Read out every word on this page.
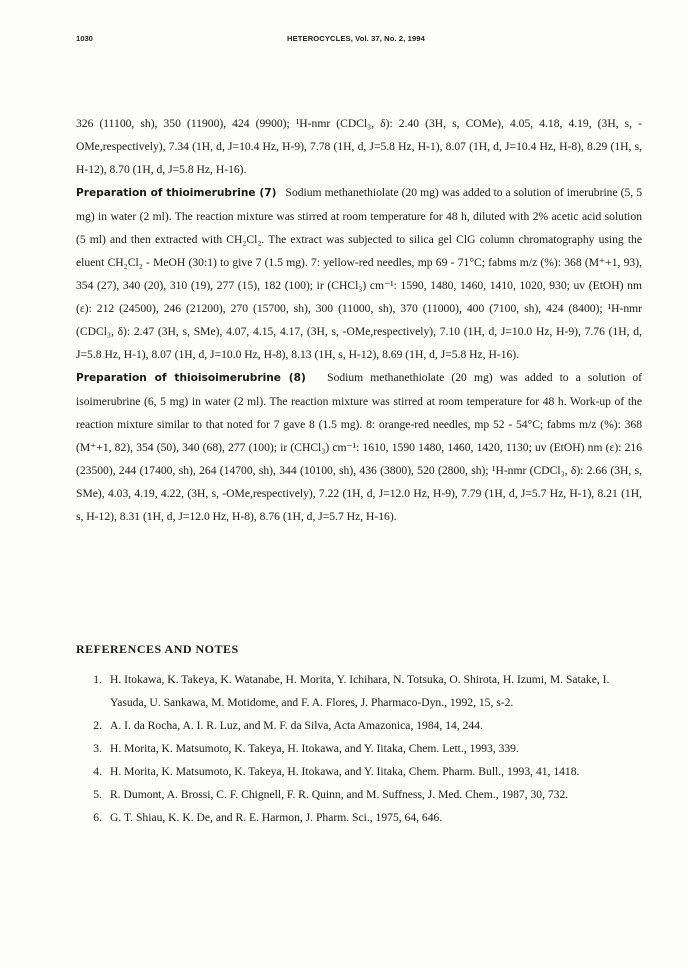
1030	HETEROCYCLES, Vol. 37, No. 2, 1994

326 (11100, sh), 350 (11900), 424 (9900); ¹H-nmr (CDCl₃, δ): 2.40 (3H, s, COMe), 4.05, 4.18, 4.19, (3H, s, -OMe,respectively), 7.34 (1H, d, J=10.4 Hz, H-9), 7.78 (1H, d, J=5.8 Hz, H-1), 8.07 (1H, d, J=10.4 Hz, H-8), 8.29 (1H, s, H-12), 8.70 (1H, d, J=5.8 Hz, H-16).

Preparation of thioimerubrine (7) Sodium methanethiolate (20 mg) was added to a solution of imerubrine (5, 5 mg) in water (2 ml). The reaction mixture was stirred at room temperature for 48 h, diluted with 2% acetic acid solution (5 ml) and then extracted with CH₂Cl₂. The extract was subjected to silica gel ClG column chromatography using the eluent CH₂Cl₂ - MeOH (30:1) to give 7 (1.5 mg). 7: yellow-red needles, mp 69 - 71°C; fabms m/z (%): 368 (M⁺+1, 93), 354 (27), 340 (20), 310 (19), 277 (15), 182 (100); ir (CHCl₃) cm⁻¹: 1590, 1480, 1460, 1410, 1020, 930; uv (EtOH) nm (ε): 212 (24500), 246 (21200), 270 (15700, sh), 300 (11000, sh), 370 (11000), 400 (7100, sh), 424 (8400); ¹H-nmr (CDCl₃, δ): 2.47 (3H, s, SMe), 4.07, 4.15, 4.17, (3H, s, -OMe,respectively), 7.10 (1H, d, J=10.0 Hz, H-9), 7.76 (1H, d, J=5.8 Hz, H-1), 8.07 (1H, d, J=10.0 Hz, H-8), 8.13 (1H, s, H-12), 8.69 (1H, d, J=5.8 Hz, H-16).

Preparation of thioisoimerubrine (8) Sodium methanethiolate (20 mg) was added to a solution of isoimerubrine (6, 5 mg) in water (2 ml). The reaction mixture was stirred at room temperature for 48 h. Work-up of the reaction mixture similar to that noted for 7 gave 8 (1.5 mg). 8: orange-red needles, mp 52 - 54°C; fabms m/z (%): 368 (M⁺+1, 82), 354 (50), 340 (68), 277 (100); ir (CHCl₃) cm⁻¹: 1610, 1590 1480, 1460, 1420, 1130; uv (EtOH) nm (ε): 216 (23500), 244 (17400, sh), 264 (14700, sh), 344 (10100, sh), 436 (3800), 520 (2800, sh); ¹H-nmr (CDCl₃, δ): 2.66 (3H, s, SMe), 4.03, 4.19, 4.22, (3H, s, -OMe,respectively), 7.22 (1H, d, J=12.0 Hz, H-9), 7.79 (1H, d, J=5.7 Hz, H-1), 8.21 (1H, s, H-12), 8.31 (1H, d, J=12.0 Hz, H-8), 8.76 (1H, d, J=5.7 Hz, H-16).

REFERENCES AND NOTES
1. H. Itokawa, K. Takeya, K. Watanabe, H. Morita, Y. Ichihara, N. Totsuka, O. Shirota, H. Izumi, M. Satake, I. Yasuda, U. Sankawa, M. Motidome, and F. A. Flores, J. Pharmaco-Dyn., 1992, 15, s-2.
2. A. I. da Rocha, A. I. R. Luz, and M. F. da Silva, Acta Amazonica, 1984, 14, 244.
3. H. Morita, K. Matsumoto, K. Takeya, H. Itokawa, and Y. Iitaka, Chem. Lett., 1993, 339.
4. H. Morita, K. Matsumoto, K. Takeya, H. Itokawa, and Y. Iitaka, Chem. Pharm. Bull., 1993, 41, 1418.
5. R. Dumont, A. Brossi, C. F. Chignell, F. R. Quinn, and M. Suffness, J. Med. Chem., 1987, 30, 732.
6. G. T. Shiau, K. K. De, and R. E. Harmon, J. Pharm. Sci., 1975, 64, 646.
